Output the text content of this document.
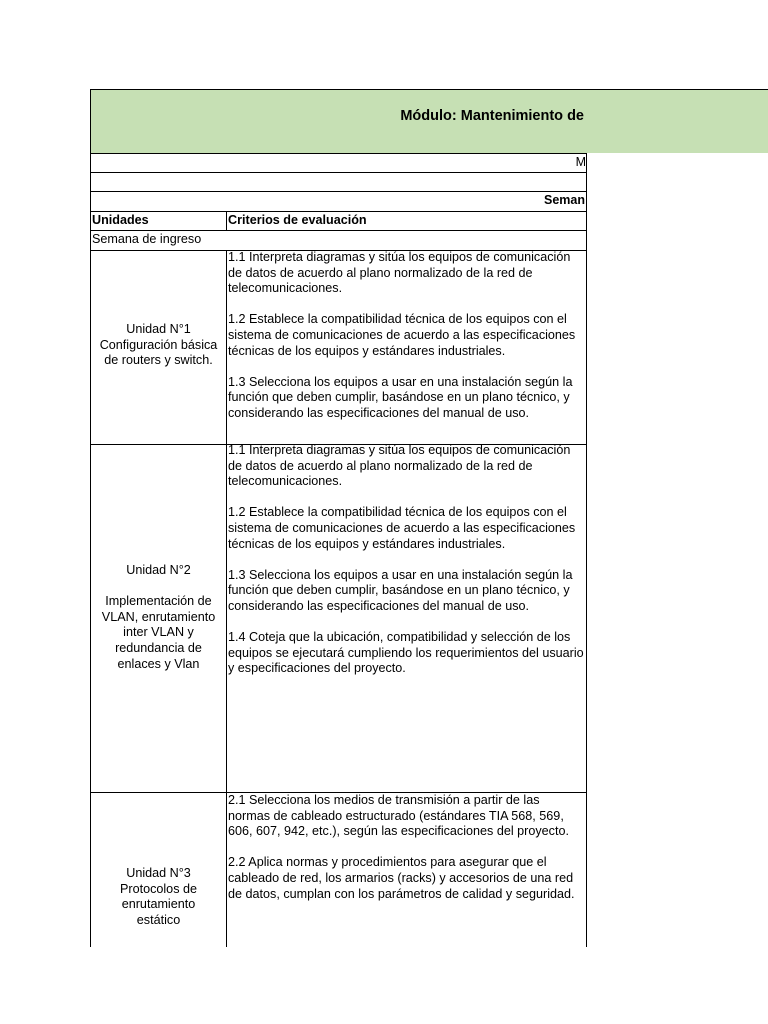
Módulo: Mantenimiento de
M
Seman
Unidades	Criterios de evaluación
Semana de ingreso
Unidad N°1
Configuración básica
de routers y switch.

1.1 Interpreta diagramas y sitúa los equipos de comunicación de datos de acuerdo al plano normalizado de la red de telecomunicaciones.

1.2 Establece la compatibilidad técnica de los equipos con el sistema de comunicaciones de acuerdo a las especificaciones técnicas de los equipos y estándares industriales.

1.3 Selecciona los equipos a usar en una instalación según la función que deben cumplir, basándose en un plano técnico, y considerando las especificaciones del manual de uso.

Unidad N°2
Implementación de
VLAN, enrutamiento
inter VLAN y
redundancia de
enlaces y Vlan

1.1 Interpreta diagramas y sitúa los equipos de comunicación de datos de acuerdo al plano normalizado de la red de telecomunicaciones.

1.2 Establece la compatibilidad técnica de los equipos con el sistema de comunicaciones de acuerdo a las especificaciones técnicas de los equipos y estándares industriales.

1.3 Selecciona los equipos a usar en una instalación según la función que deben cumplir, basándose en un plano técnico, y considerando las especificaciones del manual de uso.

1.4 Coteja que la ubicación, compatibilidad y selección de los equipos se ejecutará cumpliendo los requerimientos del usuario y especificaciones del proyecto.

Unidad N°3
Protocolos de
enrutamiento
estático

2.1 Selecciona los medios de transmisión a partir de las normas de cableado estructurado (estándares TIA 568, 569, 606, 607, 942, etc.), según las especificaciones del proyecto.

2.2 Aplica normas y procedimientos para asegurar que el cableado de red, los armarios (racks) y accesorios de una red de datos, cumplan con los parámetros de calidad y seguridad.
